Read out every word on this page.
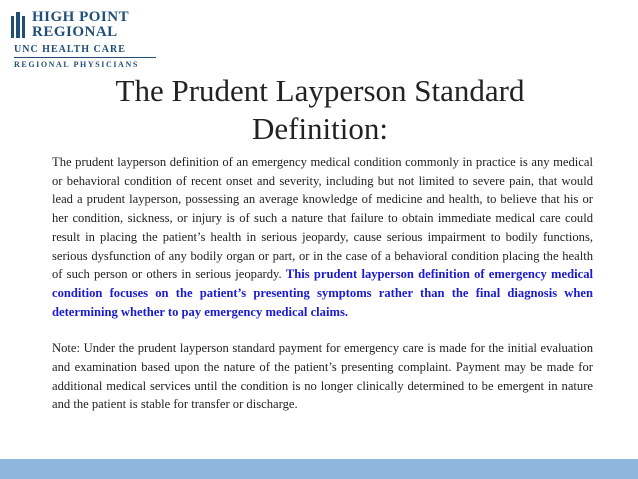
HIGH POINT
REGIONAL
UNC HEALTH CARE
REGIONAL PHYSICIANS
The Prudent Layperson Standard Definition:

The prudent layperson definition of an emergency medical condition commonly in practice is any medical or behavioral condition of recent onset and severity, including but not limited to severe pain, that would lead a prudent layperson, possessing an average knowledge of medicine and health, to believe that his or her condition, sickness, or injury is of such a nature that failure to obtain immediate medical care could result in placing the patient’s health in serious jeopardy, cause serious impairment to bodily functions, serious dysfunction of any bodily organ or part, or in the case of a behavioral condition placing the health of such person or others in serious jeopardy. This prudent layperson definition of emergency medical condition focuses on the patient’s presenting symptoms rather than the final diagnosis when determining whether to pay emergency medical claims.

Note: Under the prudent layperson standard payment for emergency care is made for the initial evaluation and examination based upon the nature of the patient’s presenting complaint. Payment may be made for additional medical services until the condition is no longer clinically determined to be emergent in nature and the patient is stable for transfer or discharge.
